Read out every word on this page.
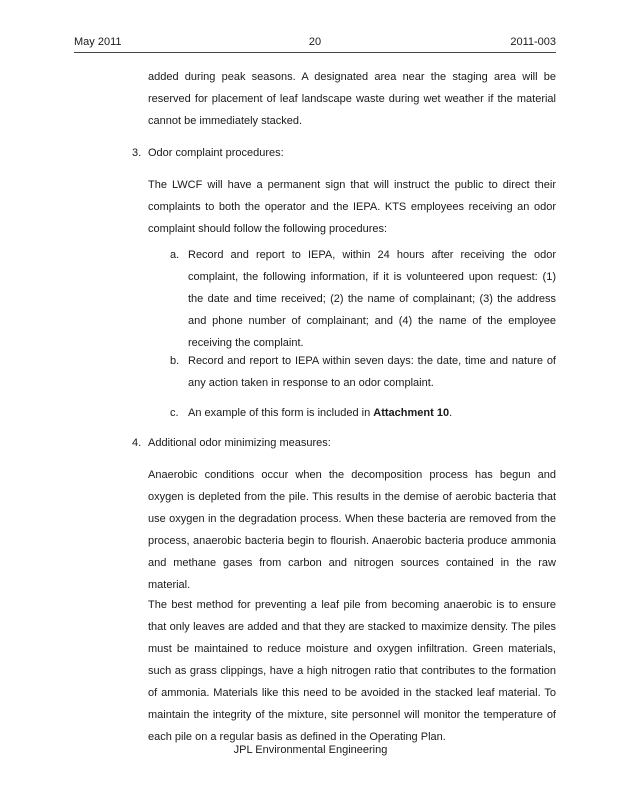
May 2011	20	2011-003

added during peak seasons. A designated area near the staging area will be reserved for placement of leaf landscape waste during wet weather if the material cannot be immediately stacked.

3. Odor complaint procedures:

The LWCF will have a permanent sign that will instruct the public to direct their complaints to both the operator and the IEPA. KTS employees receiving an odor complaint should follow the following procedures:

a. Record and report to IEPA, within 24 hours after receiving the odor complaint, the following information, if it is volunteered upon request: (1) the date and time received; (2) the name of complainant; (3) the address and phone number of complainant; and (4) the name of the employee receiving the complaint.

b. Record and report to IEPA within seven days: the date, time and nature of any action taken in response to an odor complaint.

c. An example of this form is included in Attachment 10.

4. Additional odor minimizing measures:

Anaerobic conditions occur when the decomposition process has begun and oxygen is depleted from the pile. This results in the demise of aerobic bacteria that use oxygen in the degradation process. When these bacteria are removed from the process, anaerobic bacteria begin to flourish. Anaerobic bacteria produce ammonia and methane gases from carbon and nitrogen sources contained in the raw material.

The best method for preventing a leaf pile from becoming anaerobic is to ensure that only leaves are added and that they are stacked to maximize density. The piles must be maintained to reduce moisture and oxygen infiltration. Green materials, such as grass clippings, have a high nitrogen ratio that contributes to the formation of ammonia. Materials like this need to be avoided in the stacked leaf material. To maintain the integrity of the mixture, site personnel will monitor the temperature of each pile on a regular basis as defined in the Operating Plan.

JPL Environmental Engineering
